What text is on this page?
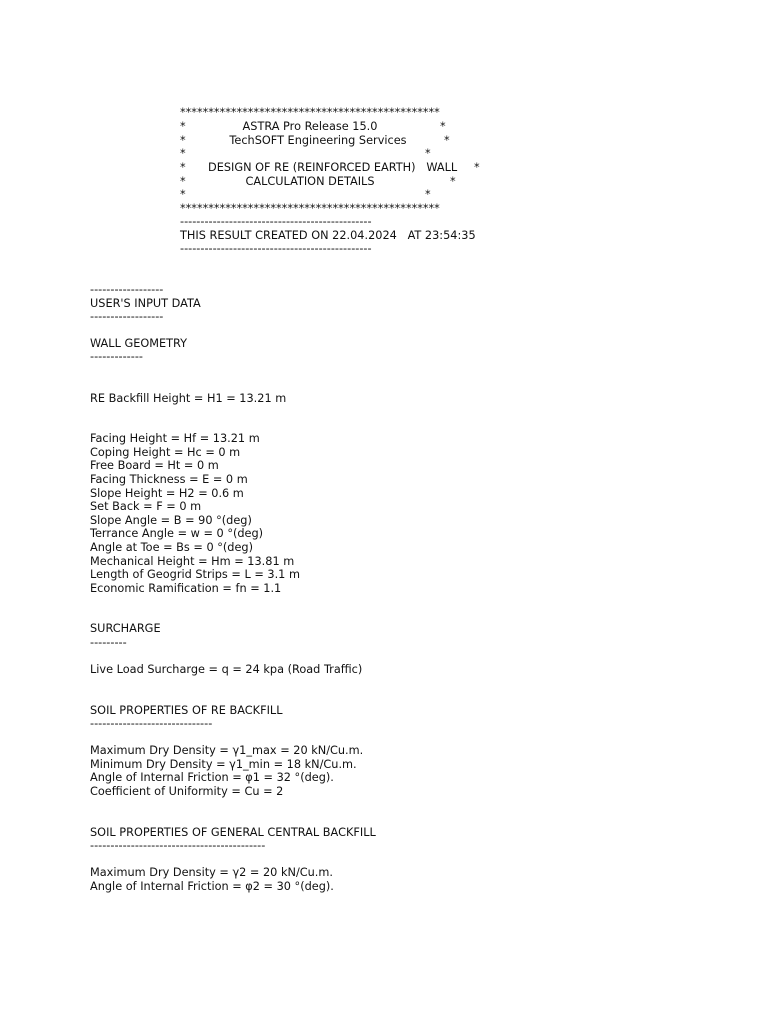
**********************************************
*	ASTRA Pro Release 15.0	*
*	TechSOFT Engineering Services	*
*	*
* DESIGN OF RE (REINFORCED EARTH)   WALL *
*	CALCULATION DETAILS	*
*	*
**********************************************
-----------------------------------------------
THIS RESULT CREATED ON 22.04.2024   AT 23:54:35
-----------------------------------------------
------------------
USER'S INPUT DATA
------------------
WALL GEOMETRY
-------------
RE Backfill Height = H1 = 13.21 m
Facing Height = Hf = 13.21 m
Coping Height = Hc = 0 m
Free Board = Ht = 0 m
Facing Thickness = E = 0 m
Slope Height = H2 = 0.6 m
Set Back = F = 0 m
Slope Angle = B = 90 °(deg)
Terrance Angle = w = 0 °(deg)
Angle at Toe = Bs = 0 °(deg)
Mechanical Height = Hm = 13.81 m
Length of Geogrid Strips = L = 3.1 m
Economic Ramification = fn = 1.1
SURCHARGE
---------
Live Load Surcharge = q = 24 kpa (Road Traffic)
SOIL PROPERTIES OF RE BACKFILL
------------------------------
Maximum Dry Density = γ1_max = 20 kN/Cu.m.
Minimum Dry Density = γ1_min = 18 kN/Cu.m.
Angle of Internal Friction = φ1 = 32 °(deg).
Coefficient of Uniformity = Cu = 2
SOIL PROPERTIES OF GENERAL CENTRAL BACKFILL
-------------------------------------------
Maximum Dry Density = γ2 = 20 kN/Cu.m.
Angle of Internal Friction = φ2 = 30 °(deg).
